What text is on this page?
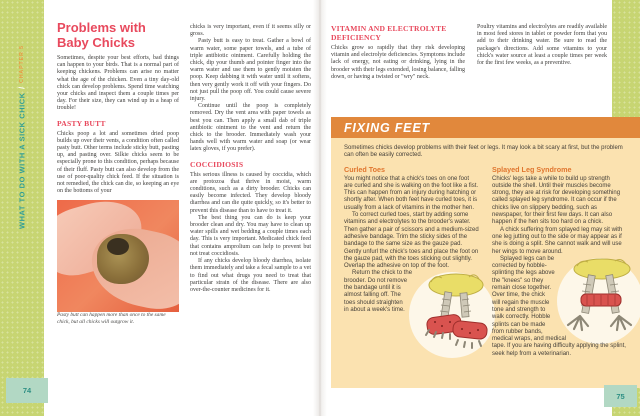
WHAT TO DO WITH A SICK CHICK
/
CHAPTER 5
74
75
Problems with Baby Chicks

Sometimes, despite your best efforts, bad things can happen to your birds. That is a normal part of keeping chickens. Problems can arise no matter what the age of the chicken. Even a tiny day-old chick can develop problems. Spend time watching your chicks and inspect them a couple times per day. For their size, they can wind up in a heap of trouble!

PASTY BUTT

Chicks poop a lot and sometimes dried poop builds up over their vents, a condition often called pasty butt. Other terms include sticky butt, pasting up, and pasting over. Silkie chicks seem to be especially prone to this condition, perhaps because of their fluff. Pasty butt can also develop from the use of poor-quality chick feed. If the situation is not remedied, the chick can die, so keeping an eye on the bottoms of your

Pasty butt can happen more than once to the same chick, but all chicks will outgrow it.

chicks is very important, even if it seems silly or gross.

Pasty butt is easy to treat. Gather a bowl of warm water, some paper towels, and a tube of triple antibiotic ointment. Carefully holding the chick, dip your thumb and pointer finger into the warm water and use them to gently moisten the poop. Keep dabbing it with water until it softens, then very gently work it off with your fingers. Do not just pull the poop off. You could cause severe injury.

Continue until the poop is completely removed. Dry the vent area with paper towels as best you can. Then apply a small dab of triple antibiotic ointment to the vent and return the chick to the brooder. Immediately wash your hands well with warm water and soap (or wear latex gloves, if you prefer).

COCCIDIOSIS

This serious illness is caused by coccidia, which are protozoa that thrive in moist, warm conditions, such as a dirty brooder. Chicks can easily become infected. They develop bloody diarrhea and can die quite quickly, so it's better to prevent this disease than to have to treat it.

The best thing you can do is keep your brooder clean and dry. You may have to clean up water spills and wet bedding a couple times each day. This is very important. Medicated chick feed that contains amprolium can help to prevent but not treat coccidiosis.

If any chicks develop bloody diarrhea, isolate them immediately and take a fecal sample to a vet to find out what drugs you need to treat that particular strain of the disease. There are also over-the-counter medicines for it.

VITAMIN AND ELECTROLYTE DEFICIENCY

Chicks grow so rapidly that they risk developing vitamin and electrolyte deficiencies. Symptoms include lack of energy, not eating or drinking, lying in the brooder with their legs extended, losing balance, falling down, or having a twisted or "wry" neck.

Poultry vitamins and electrolytes are readily available in most feed stores in tablet or powder form that you add to their drinking water. Be sure to read the package's directions. Add some vitamins to your chick's water source at least a couple times per week for the first few weeks, as a preventive.

FIXING FEET

Sometimes chicks develop problems with their feet or legs. It may look a bit scary at first, but the problem can often be easily corrected.

Curled Toes

You might notice that a chick's toes on one foot are curled and she is walking on the foot like a fist. This can happen from an injury during hatching or shortly after. When both feet have curled toes, it is usually from a lack of vitamins in the mother hen.

To correct curled toes, start by adding some vitamins and electrolytes to the brooder's water. Then gather a pair of scissors and a medium-sized adhesive bandage. Trim the sticky sides of the bandage to the same size as the gauze pad. Gently unfurl the chick's toes and place the foot on the gauze pad, with the toes sticking out slightly. Overlap the adhesive on top of the foot.

Return the chick to the brooder. Do not remove the bandage until it is almost falling off. The toes should straighten in about a week's time.

Splayed Leg Syndrome

Chicks' legs take a while to build up strength outside the shell. Until their muscles become strong, they are at risk for developing something called splayed leg syndrome. It can occur if the chicks live on slippery bedding, such as newspaper, for their first few days. It can also happen if the hen sits too hard on a chick.

A chick suffering from splayed leg may sit with one leg jutting out to the side or may appear as if she is doing a split. She cannot walk and will use her wings to move around.

Splayed legs can be corrected by hobble-splinting the legs above the "knees" so they remain close together. Over time, the chick will regain the muscle tone and strength to walk correctly. Hobble splints can be made from rubber bands, medical wraps, and medical tape. If you are having difficulty applying the splint, seek help from a veterinarian.
